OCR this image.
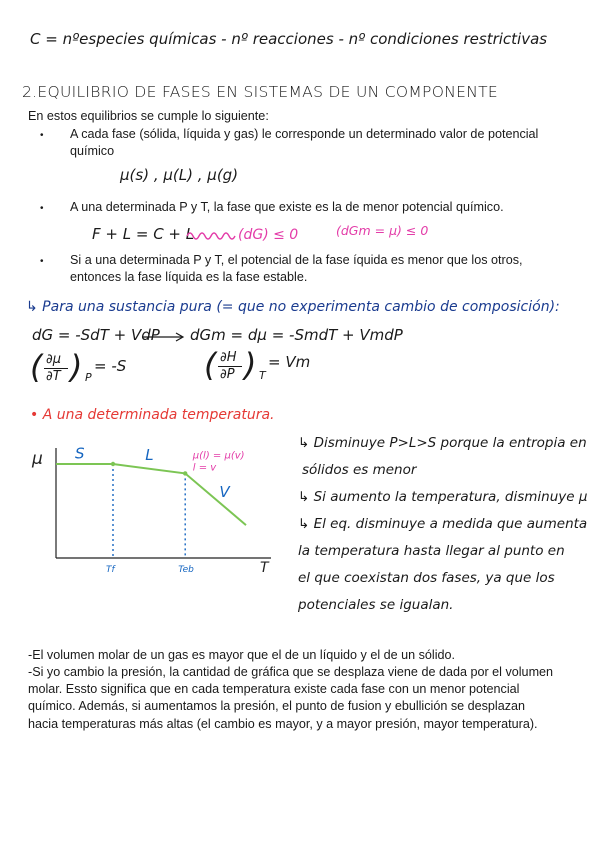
C = nºespecies químicas - nº reacciones - nº condiciones restrictivas
2.EQUILIBRIO DE FASES EN SISTEMAS DE UN COMPONENTE
En estos equilibrios se cumple lo siguiente:
• A cada fase (sólida, líquida y gas) le corresponde un determinado valor de potencial químico
μ(s) , μ(L) , μ(g)
• A una determinada P y T, la fase que existe es la de menor potencial químico.
F + L = C + L	(dG) ≤ 0	(dGm = μ) ≤ 0
• Si a una determinada P y T, el potencial de la fase íquida es menor que los otros, entonces la fase líquida es la fase estable.
↳ Para una sustancia pura (= que no experimenta cambio de composición):
dG = -SdT + VdP dGm = dμ = -SmdT + VmdP
( ∂μ
∂T ) P
= -S ( ∂H
∂P ) T
= Vm
• A una determinada temperatura.
μ
T
Tf	Teb
S	L
V
μ(l) = μ(v)
l = v
↳ Disminuye P>L>S porque la entropia en
sólidos es menor
↳ Si aumento la temperatura, disminuye μ
↳ El eq. disminuye a medida que aumenta
la temperatura hasta llegar al punto en
el que coexistan dos fases, ya que los
potenciales se igualan.
-El volumen molar de un gas es mayor que el de un líquido y el de un sólido.
-Si yo cambio la presión, la cantidad de gráfica que se desplaza viene de dada por el volumen molar. Essto significa que en cada temperatura existe cada fase con un menor potencial químico. Además, si aumentamos la presión, el punto de fusion y ebullición se desplazan hacia temperaturas más altas (el cambio es mayor, y a mayor presión, mayor temperatura).
